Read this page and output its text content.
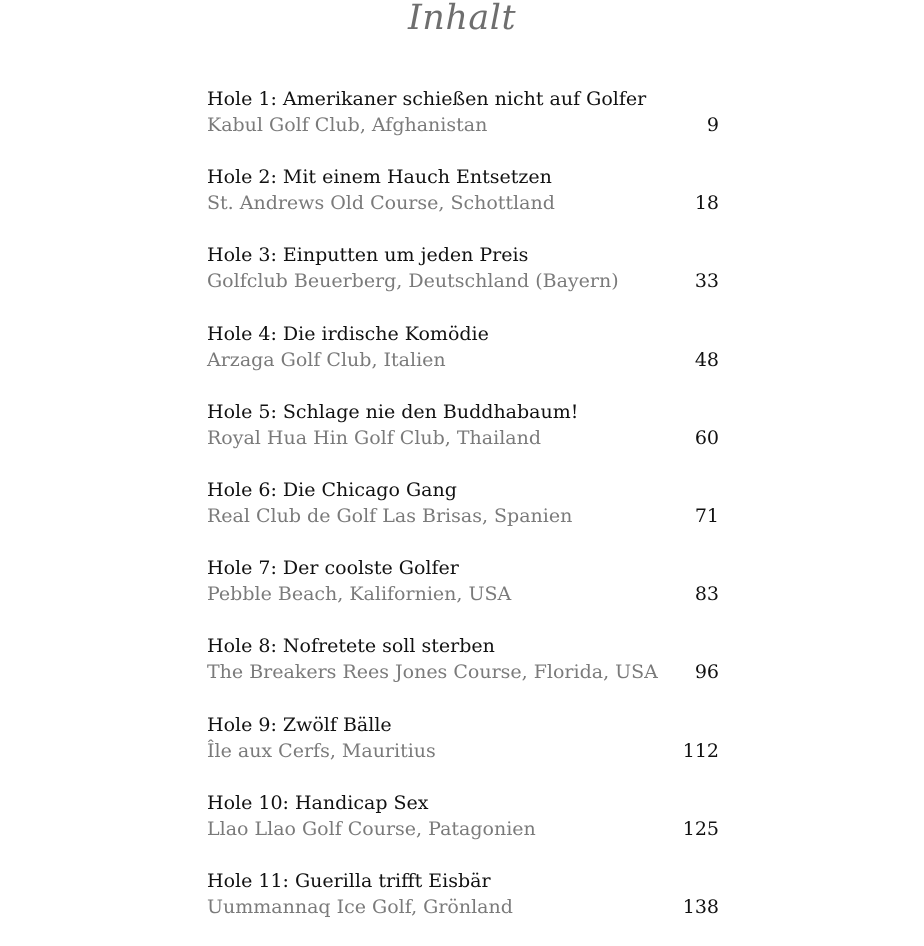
Inhalt
Hole 1: Amerikaner schießen nicht auf Golfer
Kabul Golf Club, Afghanistan	9
Hole 2: Mit einem Hauch Entsetzen
St. Andrews Old Course, Schottland	18
Hole 3: Einputten um jeden Preis
Golfclub Beuerberg, Deutschland (Bayern)	33
Hole 4: Die irdische Komödie
Arzaga Golf Club, Italien	48
Hole 5: Schlage nie den Buddhabaum!
Royal Hua Hin Golf Club, Thailand	60
Hole 6: Die Chicago Gang
Real Club de Golf Las Brisas, Spanien	71
Hole 7: Der coolste Golfer
Pebble Beach, Kalifornien, USA	83
Hole 8: Nofretete soll sterben
The Breakers Rees Jones Course, Florida, USA 96
Hole 9: Zwölf Bälle
Île aux Cerfs, Mauritius	112
Hole 10: Handicap Sex
Llao Llao Golf Course, Patagonien	125
Hole 11: Guerilla trifft Eisbär
Uummannaq Ice Golf, Grönland	138
